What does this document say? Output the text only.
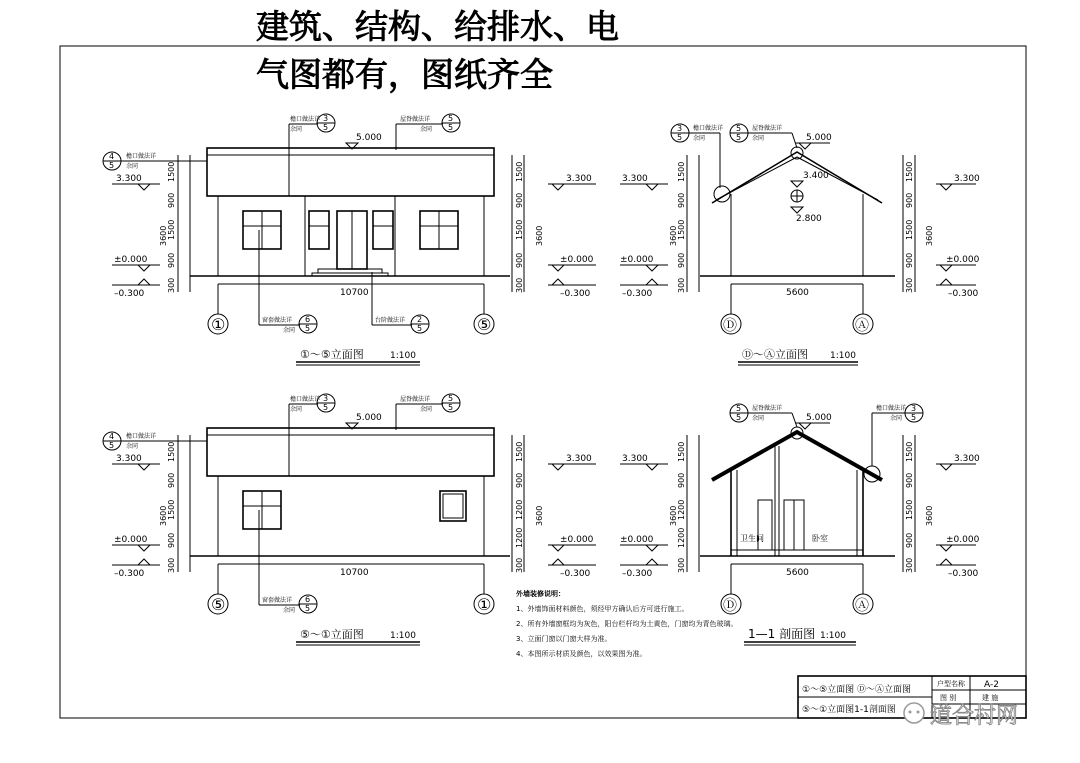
建筑、结构、给排水、电
气图都有，图纸齐全
10700
①	⑤
檐口做法详
余同
3
5
屋脊做法详
余同
5
5
5.000
4
5
檐口做法详
余同
3.300
±0.000
–0.300
1500
900
1500
900
300
3600
1500
900
1500
900
300
3600
3.300
±0.000
–0.300
窗套做法详
余同
6
5
台阶做法详 2
5
①～⑤立面图	1:100
3.400
2.800
5600
Ⓓ	Ⓐ
3
5
檐口做法详
余同
5
5
屋脊做法详
余同	5.000
3.300
±0.000
–0.300
1500
900
1500
900
300
3600
1500
900
1500
900
300
3600
3.300
±0.000
–0.300
Ⓓ～Ⓐ立面图 1:100
10700
⑤	①
檐口做法详
余同
3
5
屋脊做法详
余同
5
5
5.000
4
5
檐口做法详
余同
3.300
±0.000
–0.300
1500
900
1500
900
300
3600
1500
900
1200
1200
300
3600
3.300
±0.000
–0.300
窗套做法详
余同
6
5
⑤～①立面图	1:100
卫生间	卧室
5600
Ⓓ	Ⓐ
5
5
屋脊做法详
余同	5.000
檐口做法详
余同
3
5
3.300
±0.000
–0.300
1500
900
1200
1200
300
3600
1500
900
1500
900
300
3600
3.300
±0.000
–0.300
1—1 剖面图 1:100
外墙装修说明：
1、外墙饰面材料颜色，须经甲方确认后方可进行施工。
2、所有外墙窗框均为灰色，阳台栏杆均为土黄色，门窗均为青色玻璃。
3、立面门窗以门窗大样为准。
4、本图所示材质及颜色，以效果图为准。
①～⑤立面图 Ⓓ～Ⓐ立面图
⑤～①立面图1-1剖面图
户型名称 A-2
图 别	建 施
道合村网
